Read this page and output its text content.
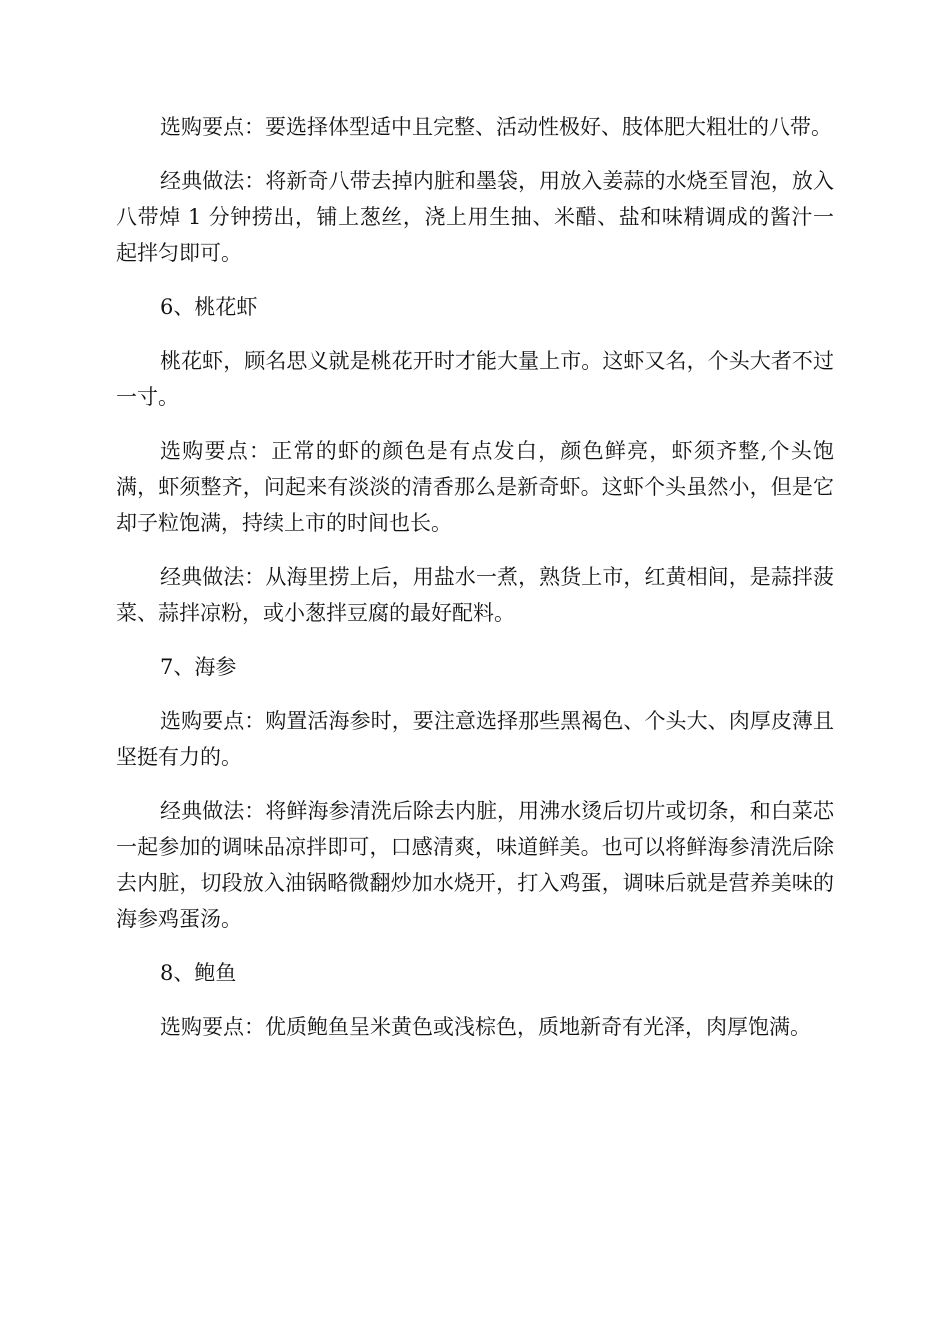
选购要点：要选择体型适中且完整、活动性极好、肢体肥大粗壮的八带。

经典做法：将新奇八带去掉内脏和墨袋，用放入姜蒜的水烧至冒泡，放入八带焯 1 分钟捞出，铺上葱丝，浇上用生抽、米醋、盐和味精调成的酱汁一起拌匀即可。

6、桃花虾

桃花虾，顾名思义就是桃花开时才能大量上市。这虾又名，个头大者不过一寸。

选购要点：正常的虾的颜色是有点发白，颜色鲜亮，虾须齐整,个头饱满，虾须整齐，问起来有淡淡的清香那么是新奇虾。这虾个头虽然小，但是它却子粒饱满，持续上市的时间也长。

经典做法：从海里捞上后，用盐水一煮，熟货上市，红黄相间，是蒜拌菠菜、蒜拌凉粉，或小葱拌豆腐的最好配料。

7、海参

选购要点：购置活海参时，要注意选择那些黑褐色、个头大、肉厚皮薄且坚挺有力的。

经典做法：将鲜海参清洗后除去内脏，用沸水烫后切片或切条，和白菜芯一起参加的调味品凉拌即可，口感清爽，味道鲜美。也可以将鲜海参清洗后除去内脏，切段放入油锅略微翻炒加水烧开，打入鸡蛋，调味后就是营养美味的海参鸡蛋汤。

8、鲍鱼

选购要点：优质鲍鱼呈米黄色或浅棕色，质地新奇有光泽，肉厚饱满。
